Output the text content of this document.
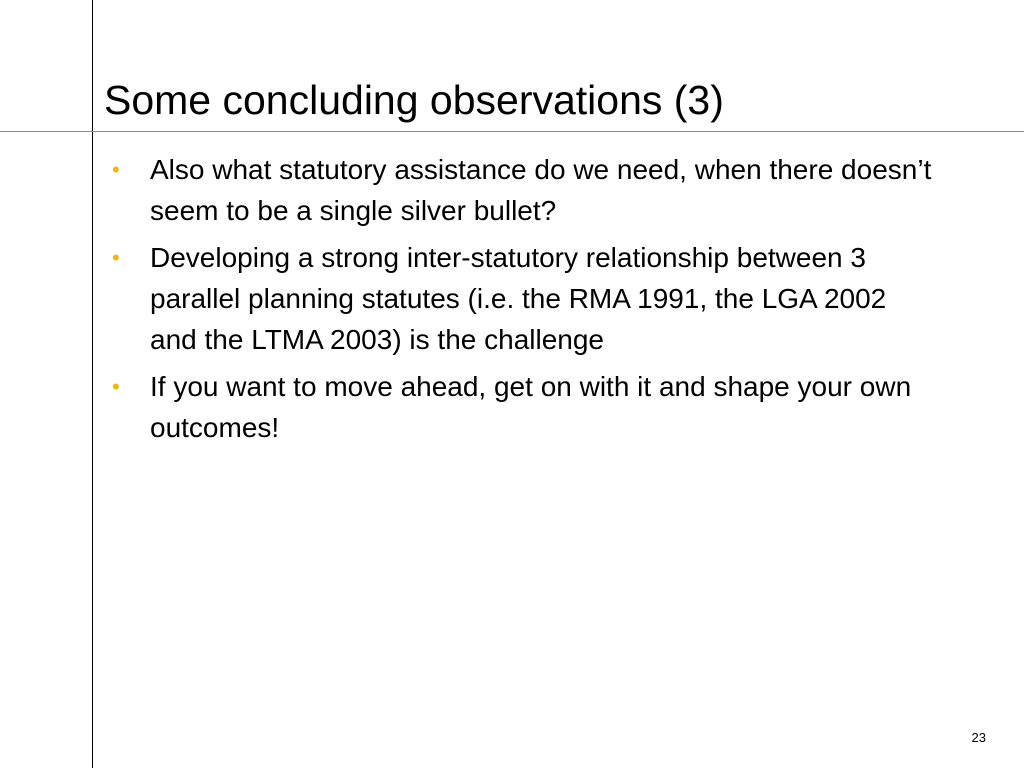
Some concluding observations (3)
• Also what statutory assistance do we need, when there doesn’t seem to be a single silver bullet?
• Developing a strong inter-statutory relationship between 3 parallel planning statutes (i.e. the RMA 1991, the LGA 2002 and the LTMA 2003) is the challenge
• If you want to move ahead, get on with it and shape your own outcomes!
23
